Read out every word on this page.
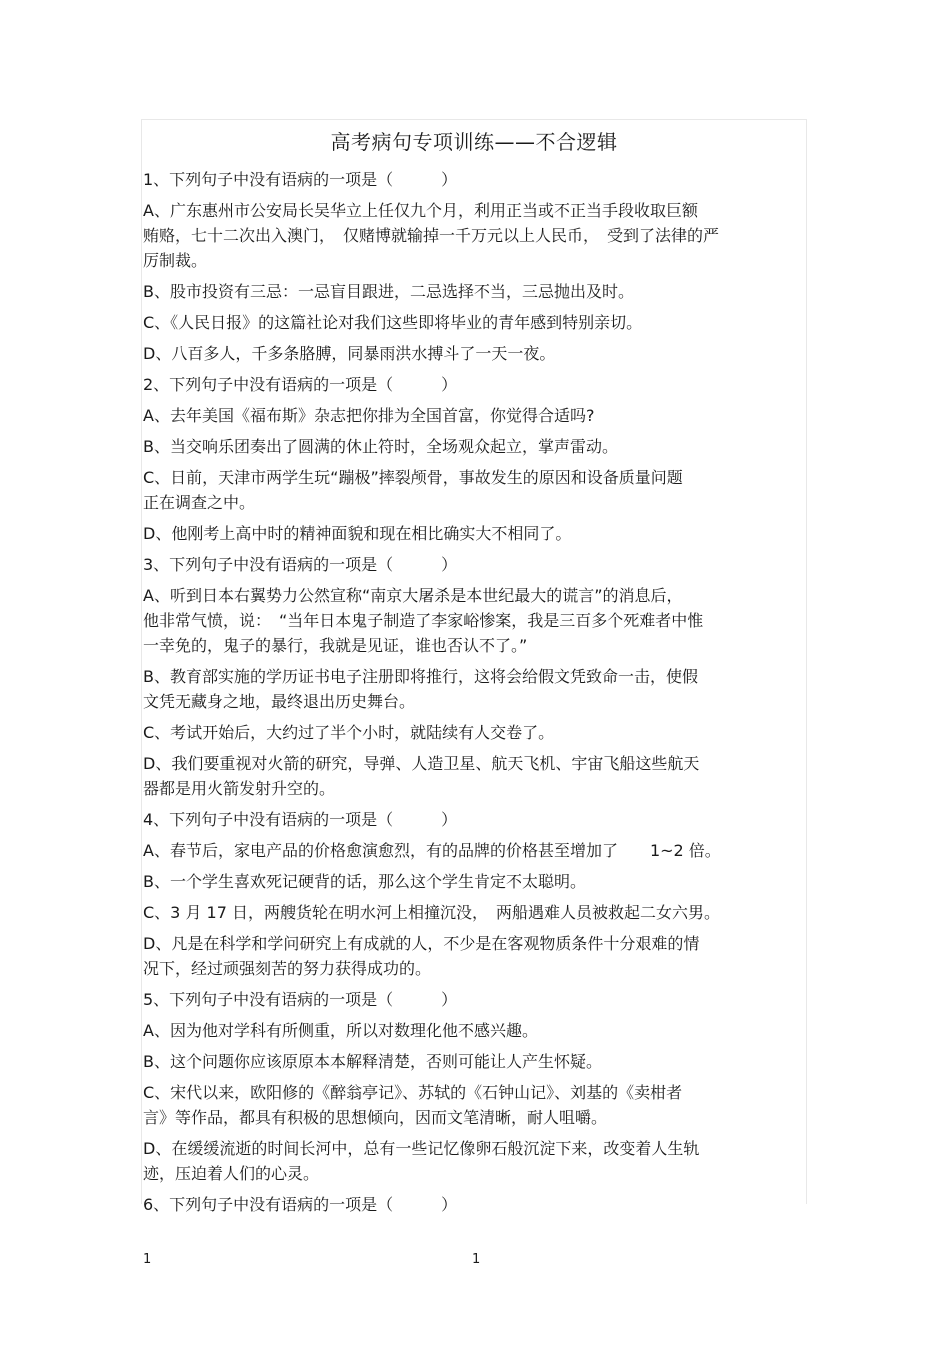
高考病句专项训练——不合逻辑
1、下列句子中没有语病的一项是（　　　）
A、广东惠州市公安局长吴华立上任仅九个月，利用正当或不正当手段收取巨额
贿赂，七十二次出入澳门，　仅赌博就输掉一千万元以上人民币，　受到了法律的严
厉制裁。
B、股市投资有三忌：一忌盲目跟进，二忌选择不当，三忌抛出及时。
C、《人民日报》的这篇社论对我们这些即将毕业的青年感到特别亲切。
D、八百多人，千多条胳膊，同暴雨洪水搏斗了一天一夜。
2、下列句子中没有语病的一项是（　　　）
A、去年美国《福布斯》杂志把你排为全国首富，你觉得合适吗?
B、当交响乐团奏出了圆满的休止符时，全场观众起立，掌声雷动。
C、日前，天津市两学生玩“蹦极”摔裂颅骨，事故发生的原因和设备质量问题
正在调查之中。
D、他刚考上高中时的精神面貌和现在相比确实大不相同了。
3、下列句子中没有语病的一项是（　　　）
A、听到日本右翼势力公然宣称“南京大屠杀是本世纪最大的谎言”的消息后，
他非常气愤，说：　“当年日本鬼子制造了李家峪惨案，我是三百多个死难者中惟
一幸免的，鬼子的暴行，我就是见证，谁也否认不了。”
B、教育部实施的学历证书电子注册即将推行，这将会给假文凭致命一击，使假
文凭无藏身之地，最终退出历史舞台。
C、考试开始后，大约过了半个小时，就陆续有人交卷了。
D、我们要重视对火箭的研究，导弹、人造卫星、航天飞机、宇宙飞船这些航天
器都是用火箭发射升空的。
4、下列句子中没有语病的一项是（　　　）
A、春节后，家电产品的价格愈演愈烈，有的品牌的价格甚至增加了　　1~2 倍。
B、一个学生喜欢死记硬背的话，那么这个学生肯定不太聪明。
C、3 月 17 日，两艘货轮在明水河上相撞沉没，　两船遇难人员被救起二女六男。
D、凡是在科学和学问研究上有成就的人，不少是在客观物质条件十分艰难的情
况下，经过顽强刻苦的努力获得成功的。
5、下列句子中没有语病的一项是（　　　）
A、因为他对学科有所侧重，所以对数理化他不感兴趣。
B、这个问题你应该原原本本解释清楚，否则可能让人产生怀疑。
C、宋代以来，欧阳修的《醉翁亭记》、苏轼的《石钟山记》、刘基的《卖柑者
言》等作品，都具有积极的思想倾向，因而文笔清晰，耐人咀嚼。
D、在缓缓流逝的时间长河中，总有一些记忆像卵石般沉淀下来，改变着人生轨
迹，压迫着人们的心灵。
6、下列句子中没有语病的一项是（　　　）
1	1
